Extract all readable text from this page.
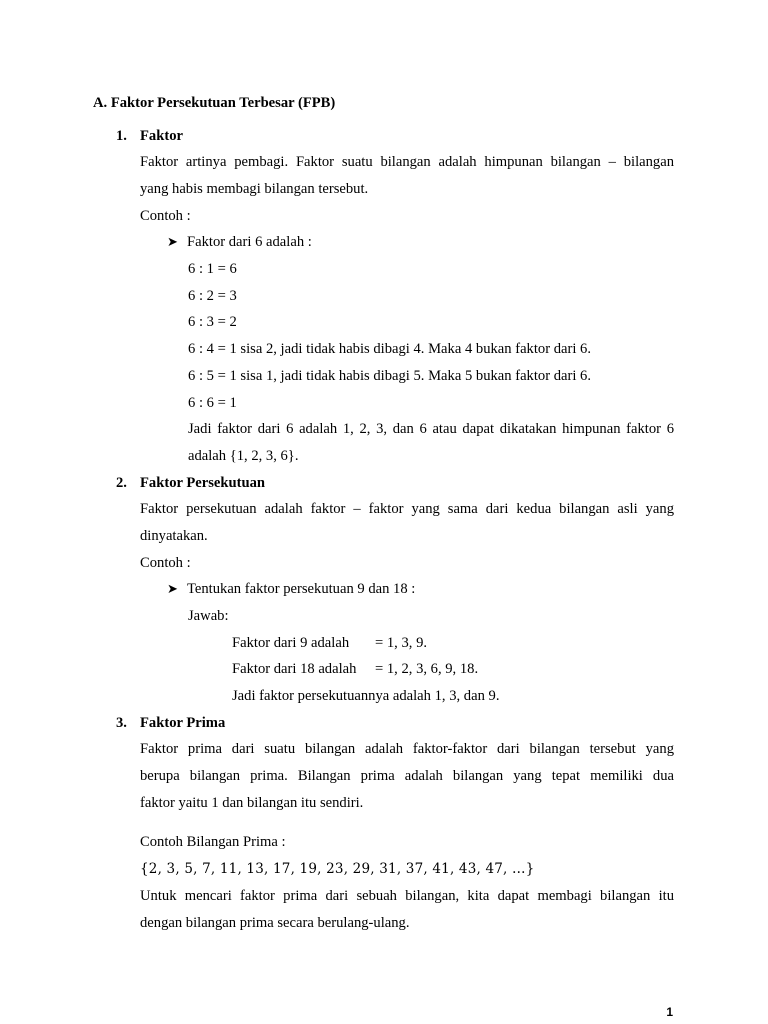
A. Faktor Persekutuan Terbesar (FPB)
1. Faktor
Faktor artinya pembagi. Faktor suatu bilangan adalah himpunan bilangan – bilangan
yang habis membagi bilangan tersebut.
Contoh :
➤ Faktor dari 6 adalah :
6 : 1 = 6
6 : 2 = 3
6 : 3 = 2
6 : 4 = 1 sisa 2, jadi tidak habis dibagi 4. Maka 4 bukan faktor dari 6.
6 : 5 = 1 sisa 1, jadi tidak habis dibagi 5. Maka 5 bukan faktor dari 6.
6 : 6 = 1
Jadi faktor dari 6 adalah 1, 2, 3, dan 6 atau dapat dikatakan himpunan faktor 6
adalah {1, 2, 3, 6}.
2. Faktor Persekutuan
Faktor persekutuan adalah faktor – faktor yang sama dari kedua bilangan asli yang
dinyatakan.
Contoh :
➤ Tentukan faktor persekutuan 9 dan 18 :
Jawab:
Faktor dari 9 adalah = 1, 3, 9.
Faktor dari 18 adalah = 1, 2, 3, 6, 9, 18.
Jadi faktor persekutuannya adalah 1, 3, dan 9.
3. Faktor Prima
Faktor prima dari suatu bilangan adalah faktor-faktor dari bilangan tersebut yang
berupa bilangan prima. Bilangan prima adalah bilangan yang tepat memiliki dua
faktor yaitu 1 dan bilangan itu sendiri.
Contoh Bilangan Prima :
{2, 3, 5, 7, 11, 13, 17, 19, 23, 29, 31, 37, 41, 43, 47, …}
Untuk mencari faktor prima dari sebuah bilangan, kita dapat membagi bilangan itu
dengan bilangan prima secara berulang-ulang.
1
